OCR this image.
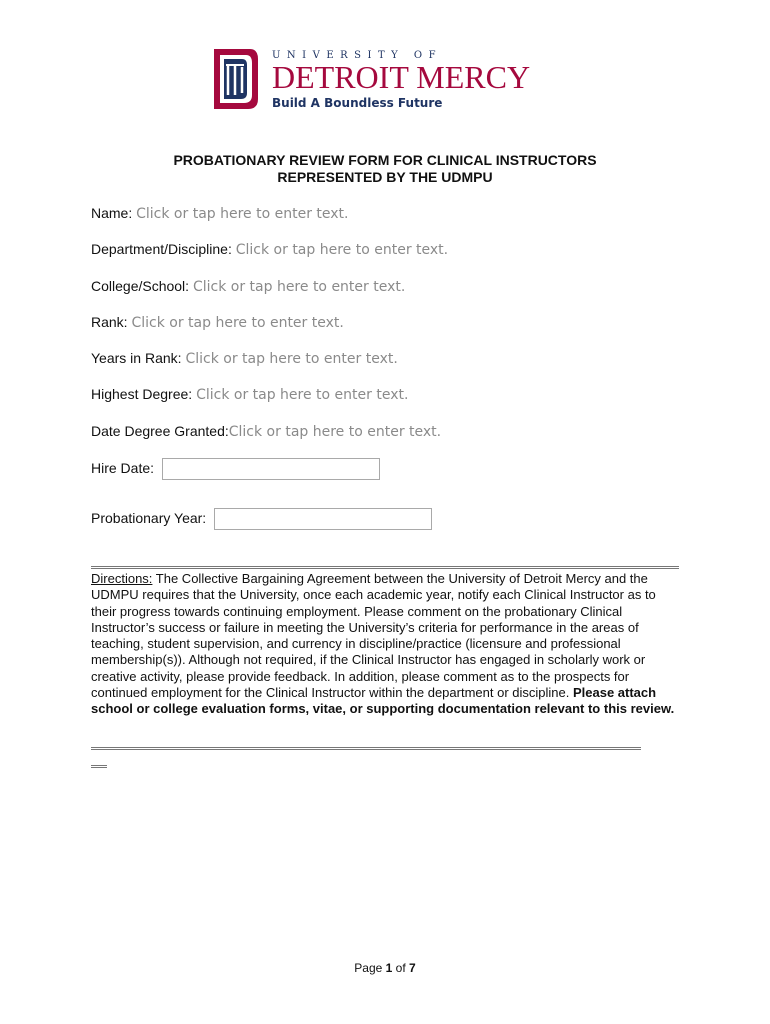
UNIVERSITY OF
DETROIT MERCY
Build A Boundless Future
PROBATIONARY REVIEW FORM FOR CLINICAL INSTRUCTORS
REPRESENTED BY THE UDMPU
Name: Click or tap here to enter text.
Department/Discipline: Click or tap here to enter text.
College/School: Click or tap here to enter text.
Rank: Click or tap here to enter text.
Years in Rank: Click or tap here to enter text.
Highest Degree: Click or tap here to enter text.
Date Degree Granted:Click or tap here to enter text.
Hire Date:
Probationary Year:
Directions: The Collective Bargaining Agreement between the University of Detroit Mercy and the UDMPU requires that the University, once each academic year, notify each Clinical Instructor as to their progress towards continuing employment. Please comment on the probationary Clinical Instructor’s success or failure in meeting the University’s criteria for performance in the areas of teaching, student supervision, and currency in discipline/practice (licensure and professional membership(s)). Although not required, if the Clinical Instructor has engaged in scholarly work or creative activity, please provide feedback. In addition, please comment as to the prospects for continued employment for the Clinical Instructor within the department or discipline. Please attach school or college evaluation forms, vitae, or supporting documentation relevant to this review.
Page 1 of 7
